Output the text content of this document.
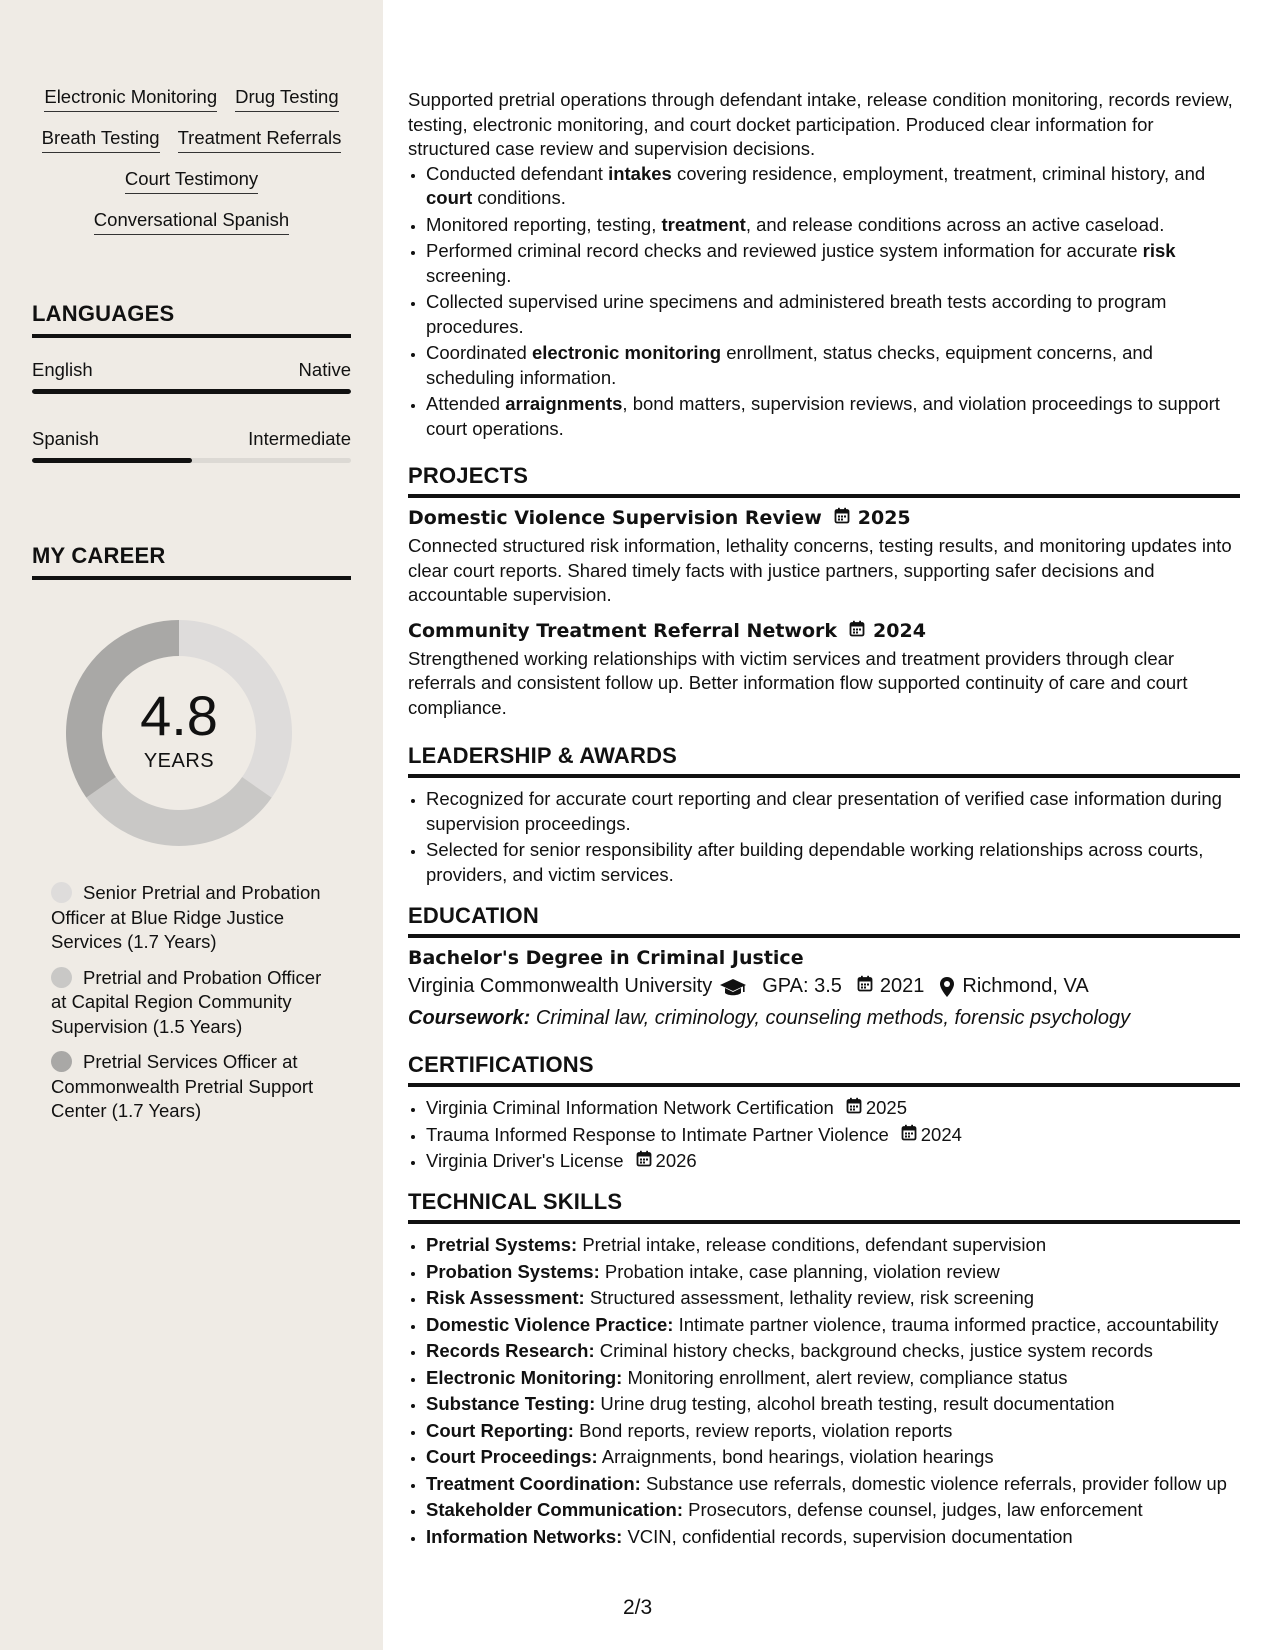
Electronic Monitoring Drug Testing
Breath Testing Treatment Referrals
Court Testimony
Conversational Spanish
LANGUAGES
English	Native
Spanish	Intermediate
MY CAREER
4.8
YEARS
Senior Pretrial and Probation Officer at Blue Ridge Justice Services (1.7 Years)
Pretrial and Probation Officer at Capital Region Community Supervision (1.5 Years)
Pretrial Services Officer at Commonwealth Pretrial Support Center (1.7 Years)
Supported pretrial operations through defendant intake, release condition monitoring, records review, testing, electronic monitoring, and court docket participation. Produced clear information for structured case review and supervision decisions.
• Conducted defendant intakes covering residence, employment, treatment, criminal history, and court conditions.
• Monitored reporting, testing, treatment, and release conditions across an active caseload.
• Performed criminal record checks and reviewed justice system information for accurate risk screening.
• Collected supervised urine specimens and administered breath tests according to program procedures.
• Coordinated electronic monitoring enrollment, status checks, equipment concerns, and scheduling information.
• Attended arraignments, bond matters, supervision reviews, and violation proceedings to support court operations.
PROJECTS
Domestic Violence Supervision Review 2025
Connected structured risk information, lethality concerns, testing results, and monitoring updates into clear court reports. Shared timely facts with justice partners, supporting safer decisions and accountable supervision.
Community Treatment Referral Network 2024
Strengthened working relationships with victim services and treatment providers through clear referrals and consistent follow up. Better information flow supported continuity of care and court compliance.
LEADERSHIP & AWARDS
• Recognized for accurate court reporting and clear presentation of verified case information during supervision proceedings.
• Selected for senior responsibility after building dependable working relationships across courts, providers, and victim services.
EDUCATION
Bachelor's Degree in Criminal Justice
Virginia Commonwealth University	GPA: 3.5 2021 Richmond, VA
Coursework: Criminal law, criminology, counseling methods, forensic psychology
CERTIFICATIONS
• Virginia Criminal Information Network Certification 2025
• Trauma Informed Response to Intimate Partner Violence 2024
• Virginia Driver's License 2026
TECHNICAL SKILLS
• Pretrial Systems: Pretrial intake, release conditions, defendant supervision
• Probation Systems: Probation intake, case planning, violation review
• Risk Assessment: Structured assessment, lethality review, risk screening
• Domestic Violence Practice: Intimate partner violence, trauma informed practice, accountability
• Records Research: Criminal history checks, background checks, justice system records
• Electronic Monitoring: Monitoring enrollment, alert review, compliance status
• Substance Testing: Urine drug testing, alcohol breath testing, result documentation
• Court Reporting: Bond reports, review reports, violation reports
• Court Proceedings: Arraignments, bond hearings, violation hearings
• Treatment Coordination: Substance use referrals, domestic violence referrals, provider follow up
• Stakeholder Communication: Prosecutors, defense counsel, judges, law enforcement
• Information Networks: VCIN, confidential records, supervision documentation
2/3
